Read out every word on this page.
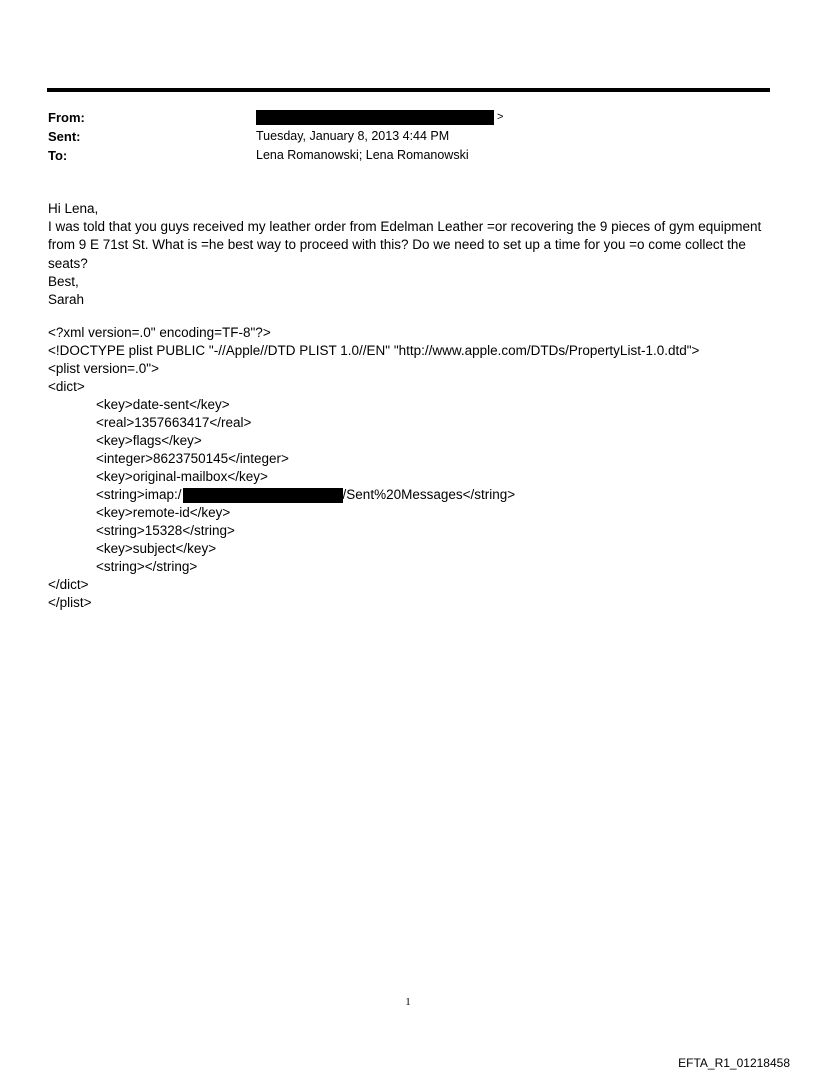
From:	>
Sent:	Tuesday, January 8, 2013 4:44 PM
To:	Lena Romanowski; Lena Romanowski

Hi Lena,

I was told that you guys received my leather order from Edelman Leather =or recovering the 9 pieces of gym equipment from 9 E 71st St. What is =he best way to proceed with this? Do we need to set up a time for you =o come collect the seats?

Best,

Sarah

<?xml version=.0" encoding=TF-8"?>
<!DOCTYPE plist PUBLIC "-//Apple//DTD PLIST 1.0//EN" "http://www.apple.com/DTDs/PropertyList-1.0.dtd">
<plist version=.0">
<dict>
<key>date-sent</key>
<real>1357663417</real>
<key>flags</key>
<integer>8623750145</integer>
<key>original-mailbox</key>
<string>imap:/	/Sent%20Messages</string>
<key>remote-id</key>
<string>15328</string>
<key>subject</key>
<string></string>
</dict>
</plist>
1
EFTA_R1_01218458
